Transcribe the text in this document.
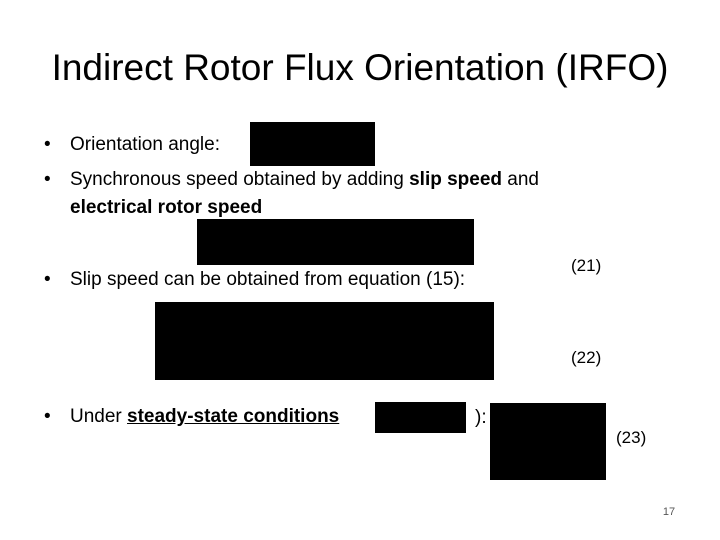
Indirect Rotor Flux Orientation (IRFO)
• Orientation angle:
• Synchronous speed obtained by adding slip speed and
electrical rotor speed
• Slip speed can be obtained from equation (15):
(21)
(22)
• Under steady-state conditions	):
(23)
17
